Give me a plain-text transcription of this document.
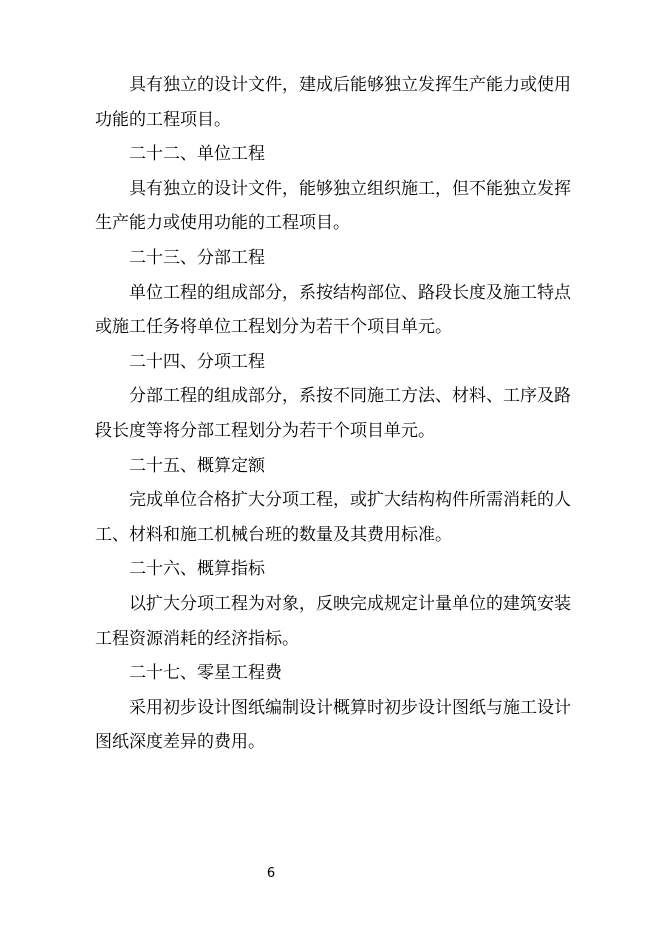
具有独立的设计文件，建成后能够独立发挥生产能力或使用
功能的工程项目。
二十二、单位工程
具有独立的设计文件，能够独立组织施工，但不能独立发挥
生产能力或使用功能的工程项目。
二十三、分部工程
单位工程的组成部分，系按结构部位、路段长度及施工特点
或施工任务将单位工程划分为若干个项目单元。
二十四、分项工程
分部工程的组成部分，系按不同施工方法、材料、工序及路
段长度等将分部工程划分为若干个项目单元。
二十五、概算定额
完成单位合格扩大分项工程，或扩大结构构件所需消耗的人
工、材料和施工机械台班的数量及其费用标准。
二十六、概算指标
以扩大分项工程为对象，反映完成规定计量单位的建筑安装
工程资源消耗的经济指标。
二十七、零星工程费
采用初步设计图纸编制设计概算时初步设计图纸与施工设计
图纸深度差异的费用。
6
